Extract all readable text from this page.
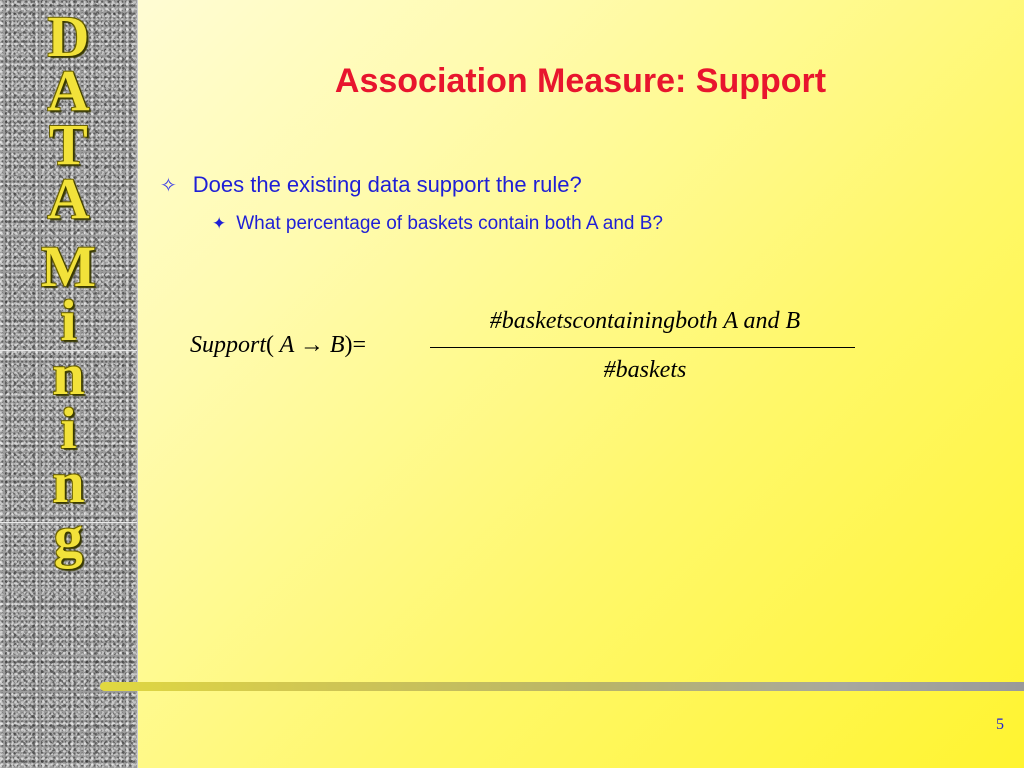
D
A
T
A
M
i
n
i
n
g
Association Measure: Support
✧ Does the existing data support the rule?
✦ What percentage of baskets contain both A and B?
Support( A → B)=
#basketscontainingboth A and B
#baskets
5
